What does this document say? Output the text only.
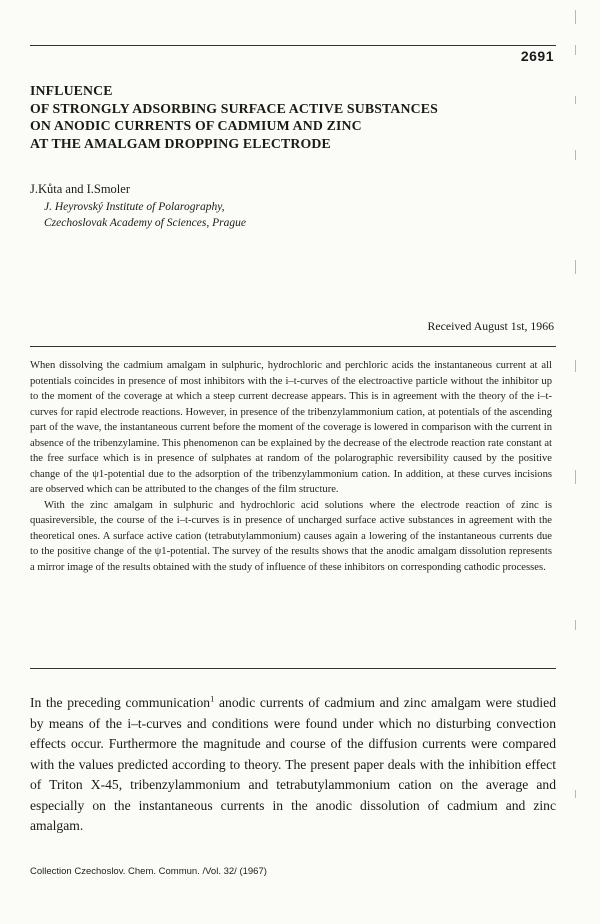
2691
INFLUENCE
OF STRONGLY ADSORBING SURFACE ACTIVE SUBSTANCES
ON ANODIC CURRENTS OF CADMIUM AND ZINC
AT THE AMALGAM DROPPING ELECTRODE
J.Kůta and I.Smoler
J. Heyrovský Institute of Polarography,
Czechoslovak Academy of Sciences, Prague
Received August 1st, 1966

When dissolving the cadmium amalgam in sulphuric, hydrochloric and perchloric acids the instantaneous current at all potentials coincides in presence of most inhibitors with the i–t-curves of the electroactive particle without the inhibitor up to the moment of the coverage at which a steep current decrease appears. This is in agreement with the theory of the i–t-curves for rapid electrode reactions. However, in presence of the tribenzylammonium cation, at potentials of the ascending part of the wave, the instantaneous current before the moment of the coverage is lowered in comparison with the current in absence of the tribenzylamine. This phenomenon can be explained by the decrease of the electrode reaction rate constant at the free surface which is in presence of sulphates at random of the polarographic reversibility caused by the positive change of the ψ1-potential due to the adsorption of the tribenzylammonium cation. In addition, at these curves incisions are observed which can be attributed to the changes of the film structure.

With the zinc amalgam in sulphuric and hydrochloric acid solutions where the electrode reaction of zinc is quasireversible, the course of the i–t-curves is in presence of uncharged surface active substances in agreement with the theoretical ones. A surface active cation (tetrabutylammonium) causes again a lowering of the instantaneous currents due to the positive change of the ψ1-potential. The survey of the results shows that the anodic amalgam dissolution represents a mirror image of the results obtained with the study of influence of these inhibitors on corresponding cathodic processes.

In the preceding communication$^1$ anodic currents of cadmium and zinc amalgam were studied by means of the i–t-curves and conditions were found under which no disturbing convection effects occur. Furthermore the magnitude and course of the diffusion currents were compared with the values predicted according to theory. The present paper deals with the inhibition effect of Triton X-45, tribenzylammonium and tetrabutylammonium cation on the average and especially on the instantaneous currents in the anodic dissolution of cadmium and zinc amalgam.

Collection Czechoslov. Chem. Commun. /Vol. 32/ (1967)
